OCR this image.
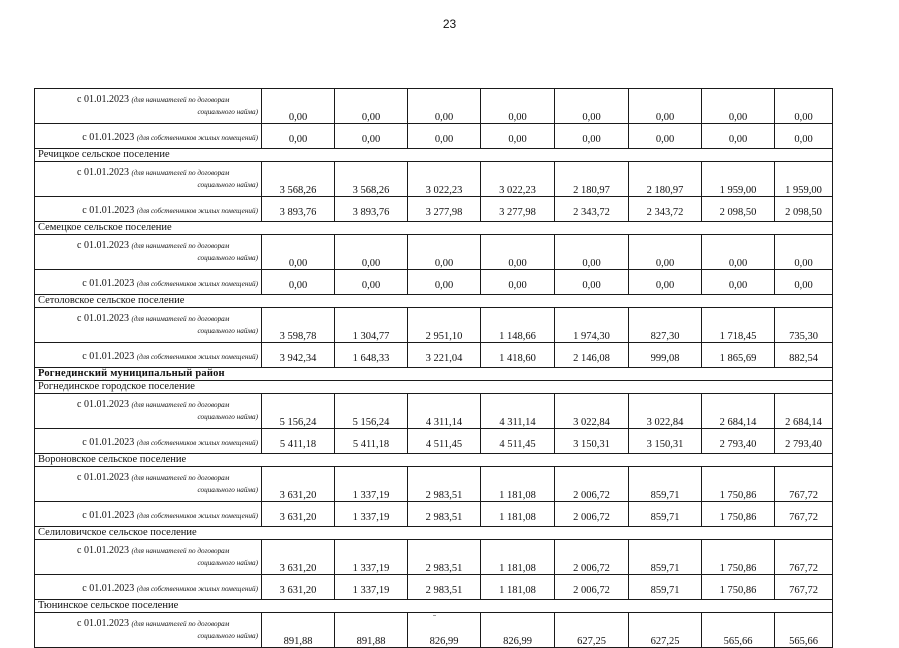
23
с 01.01.2023 (для нанимателей по договорам
социального найма)	0,00	0,00	0,00	0,00	0,00	0,00	0,00	0,00
с 01.01.2023 (для собственников жилых помещений)	0,00	0,00	0,00	0,00	0,00	0,00	0,00	0,00
Речицкое сельское поселение								

с 01.01.2023 (для нанимателей по договорам
социального найма)	3 568,26	3 568,26	3 022,23	3 022,23	2 180,97	2 180,97	1 959,00	1 959,00
с 01.01.2023 (для собственников жилых помещений)	3 893,76	3 893,76	3 277,98	3 277,98	2 343,72	2 343,72	2 098,50	2 098,50
Семецкое сельское поселение								

с 01.01.2023 (для нанимателей по договорам
социального найма)	0,00	0,00	0,00	0,00	0,00	0,00	0,00	0,00
с 01.01.2023 (для собственников жилых помещений)	0,00	0,00	0,00	0,00	0,00	0,00	0,00	0,00
Сетоловское сельское поселение								

с 01.01.2023 (для нанимателей по договорам
социального найма)	3 598,78	1 304,77	2 951,10	1 148,66	1 974,30	827,30	1 718,45	735,30
с 01.01.2023 (для собственников жилых помещений)	3 942,34	1 648,33	3 221,04	1 418,60	2 146,08	999,08	1 865,69	882,54
Рогнединский муниципальный район								
Рогнединское городское поселение								

с 01.01.2023 (для нанимателей по договорам
социального найма)	5 156,24	5 156,24	4 311,14	4 311,14	3 022,84	3 022,84	2 684,14	2 684,14
с 01.01.2023 (для собственников жилых помещений)	5 411,18	5 411,18	4 511,45	4 511,45	3 150,31	3 150,31	2 793,40	2 793,40
Вороновское сельское поселение								

с 01.01.2023 (для нанимателей по договорам
социального найма)	3 631,20	1 337,19	2 983,51	1 181,08	2 006,72	859,71	1 750,86	767,72
с 01.01.2023 (для собственников жилых помещений)	3 631,20	1 337,19	2 983,51	1 181,08	2 006,72	859,71	1 750,86	767,72
Селиловичское сельское поселение								

с 01.01.2023 (для нанимателей по договорам
социального найма)	3 631,20	1 337,19	2 983,51	1 181,08	2 006,72	859,71	1 750,86	767,72
с 01.01.2023 (для собственников жилых помещений)	3 631,20	1 337,19	2 983,51	1 181,08	2 006,72	859,71	1 750,86	767,72
Тюнинское сельское поселение								

с 01.01.2023 (для нанимателей по договорам
социального найма)	891,88	891,88	826,99	826,99	627,25	627,25	565,66	565,66
